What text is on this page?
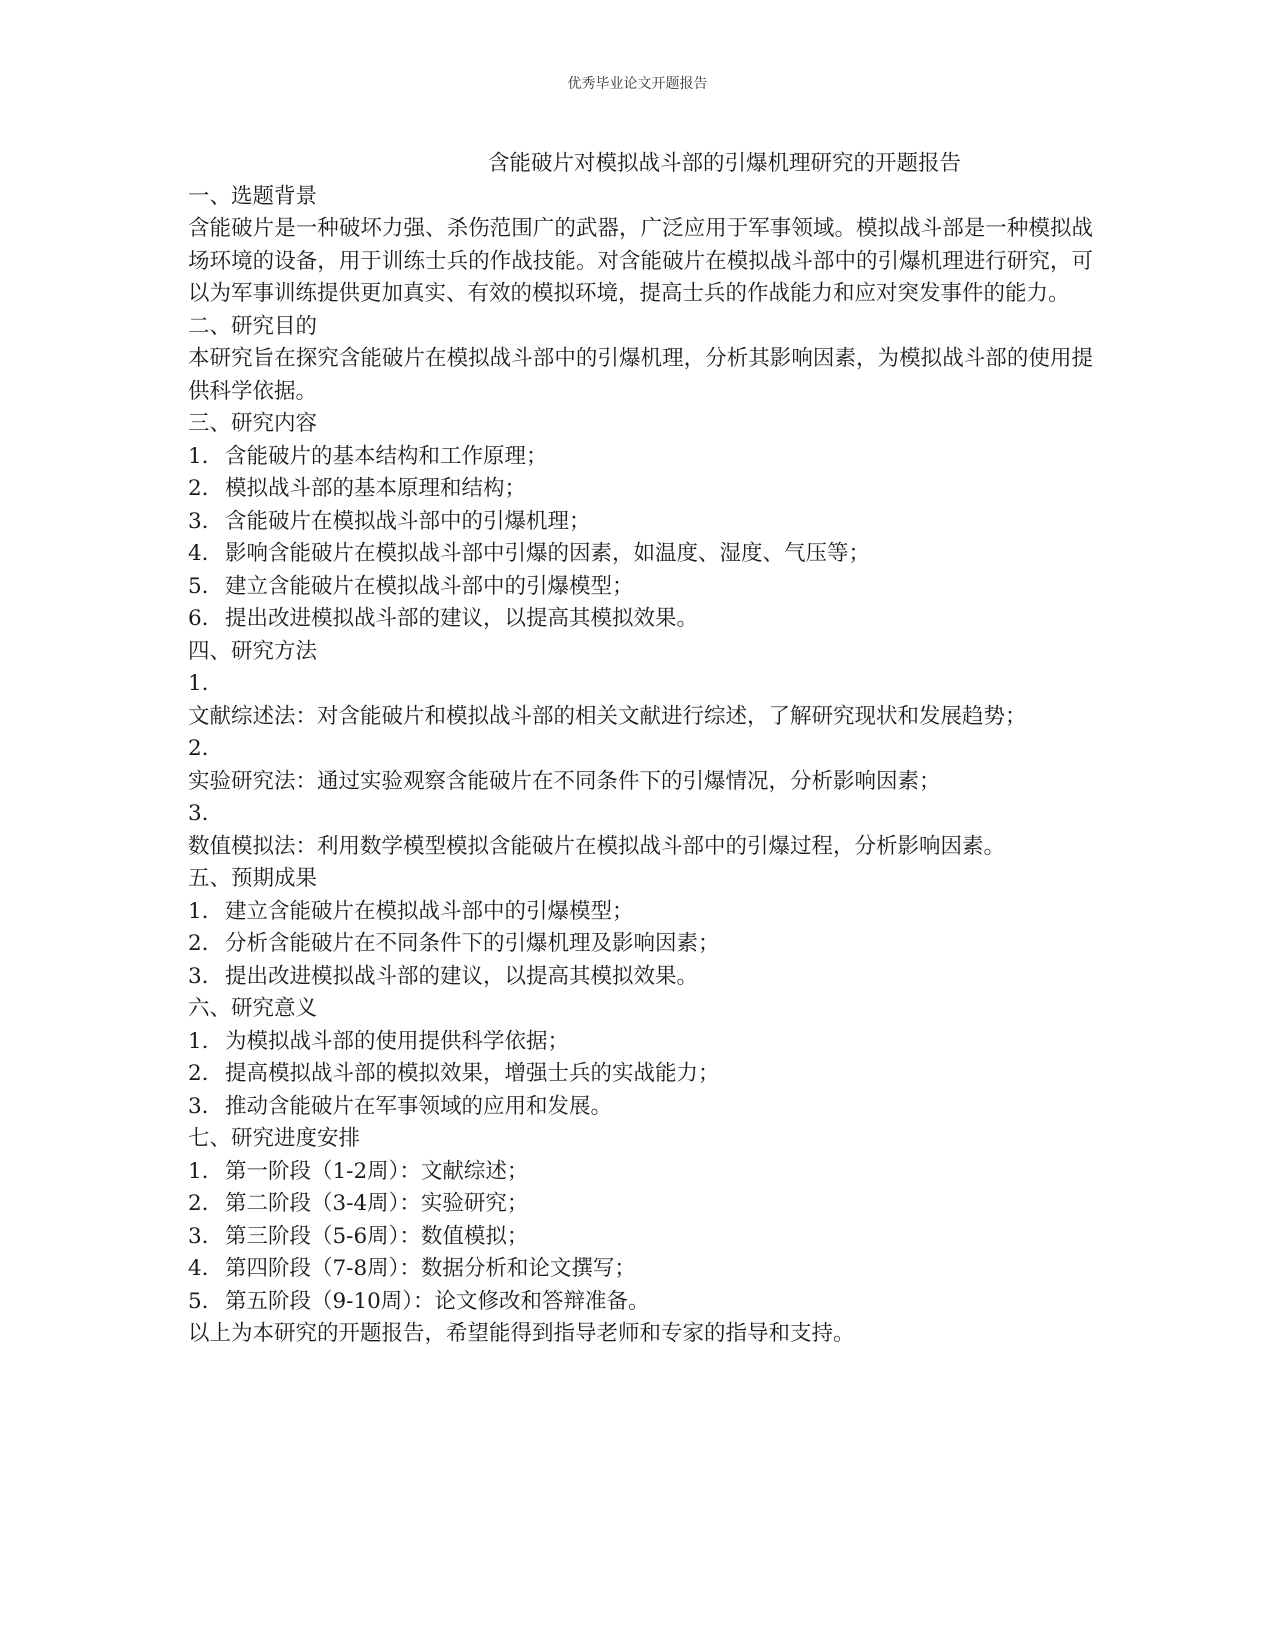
优秀毕业论文开题报告
含能破片对模拟战斗部的引爆机理研究的开题报告
一、选题背景

含能破片是一种破坏力强、杀伤范围广的武器，广泛应用于军事领域。模拟战斗部是一种模拟战场环境的设备，用于训练士兵的作战技能。对含能破片在模拟战斗部中的引爆机理进行研究，可以为军事训练提供更加真实、有效的模拟环境，提高士兵的作战能力和应对突发事件的能力。

二、研究目的

本研究旨在探究含能破片在模拟战斗部中的引爆机理，分析其影响因素，为模拟战斗部的使用提供科学依据。

三、研究内容
1. 含能破片的基本结构和工作原理；
2. 模拟战斗部的基本原理和结构；
3. 含能破片在模拟战斗部中的引爆机理；
4. 影响含能破片在模拟战斗部中引爆的因素，如温度、湿度、气压等；
5. 建立含能破片在模拟战斗部中的引爆模型；
6. 提出改进模拟战斗部的建议，以提高其模拟效果。
四、研究方法
1.

文献综述法：对含能破片和模拟战斗部的相关文献进行综述，了解研究现状和发展趋势；

2.

实验研究法：通过实验观察含能破片在不同条件下的引爆情况，分析影响因素；

3.

数值模拟法：利用数学模型模拟含能破片在模拟战斗部中的引爆过程，分析影响因素。

五、预期成果
1. 建立含能破片在模拟战斗部中的引爆模型；
2. 分析含能破片在不同条件下的引爆机理及影响因素；
3. 提出改进模拟战斗部的建议，以提高其模拟效果。
六、研究意义
1. 为模拟战斗部的使用提供科学依据；
2. 提高模拟战斗部的模拟效果，增强士兵的实战能力；
3. 推动含能破片在军事领域的应用和发展。
七、研究进度安排
1. 第一阶段（1-2周）：文献综述；
2. 第二阶段（3-4周）：实验研究；
3. 第三阶段（5-6周）：数值模拟；
4. 第四阶段（7-8周）：数据分析和论文撰写；
5. 第五阶段（9-10周）：论文修改和答辩准备。

以上为本研究的开题报告，希望能得到指导老师和专家的指导和支持。
